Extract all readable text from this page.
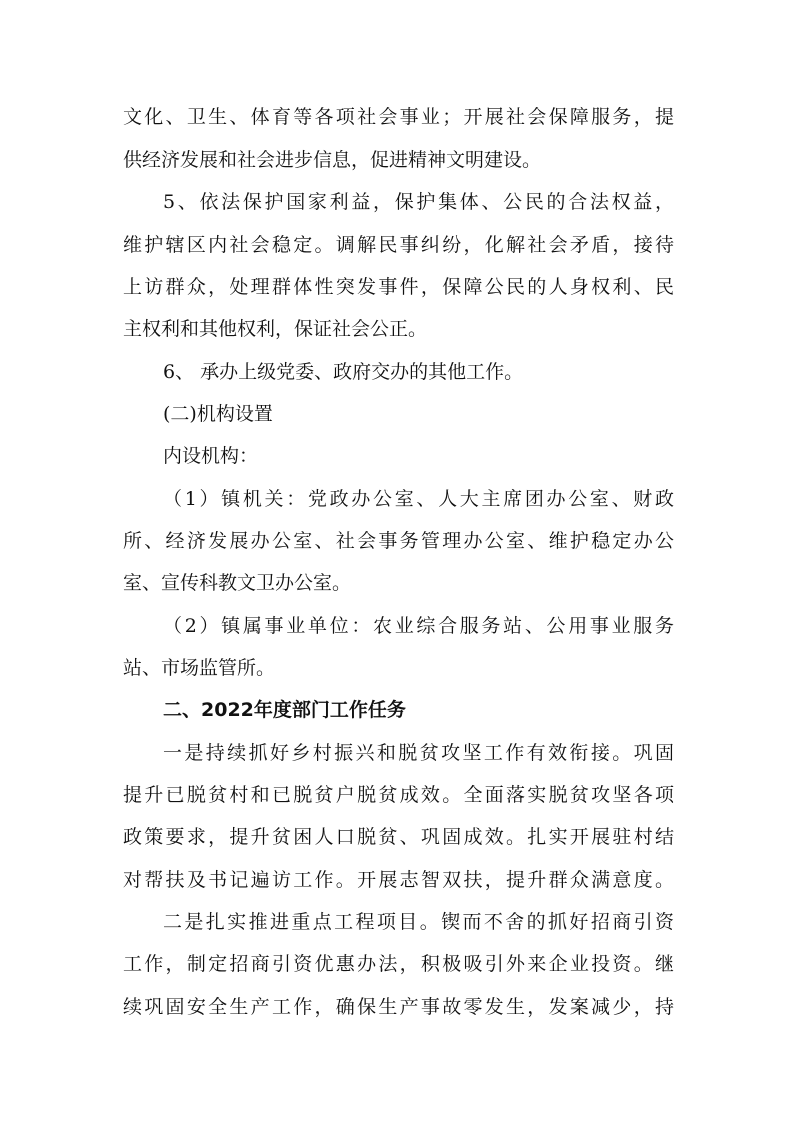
文化、卫生、体育等各项社会事业；开展社会保障服务，提
供经济发展和社会进步信息，促进精神文明建设。
5、依法保护国家利益，保护集体、公民的合法权益，
维护辖区内社会稳定。调解民事纠纷，化解社会矛盾，接待
上访群众，处理群体性突发事件，保障公民的人身权利、民
主权利和其他权利，保证社会公正。
6、 承办上级党委、政府交办的其他工作。
(二)机构设置
内设机构：
（1）镇机关：党政办公室、人大主席团办公室、财政
所、经济发展办公室、社会事务管理办公室、维护稳定办公
室、宣传科教文卫办公室。
（2）镇属事业单位：农业综合服务站、公用事业服务
站、市场监管所。
二、2022年度部门工作任务
一是持续抓好乡村振兴和脱贫攻坚工作有效衔接。巩固
提升已脱贫村和已脱贫户脱贫成效。全面落实脱贫攻坚各项
政策要求，提升贫困人口脱贫、巩固成效。扎实开展驻村结
对帮扶及书记遍访工作。开展志智双扶，提升群众满意度。
二是扎实推进重点工程项目。锲而不舍的抓好招商引资
工作，制定招商引资优惠办法，积极吸引外来企业投资。继
续巩固安全生产工作，确保生产事故零发生，发案减少，持
